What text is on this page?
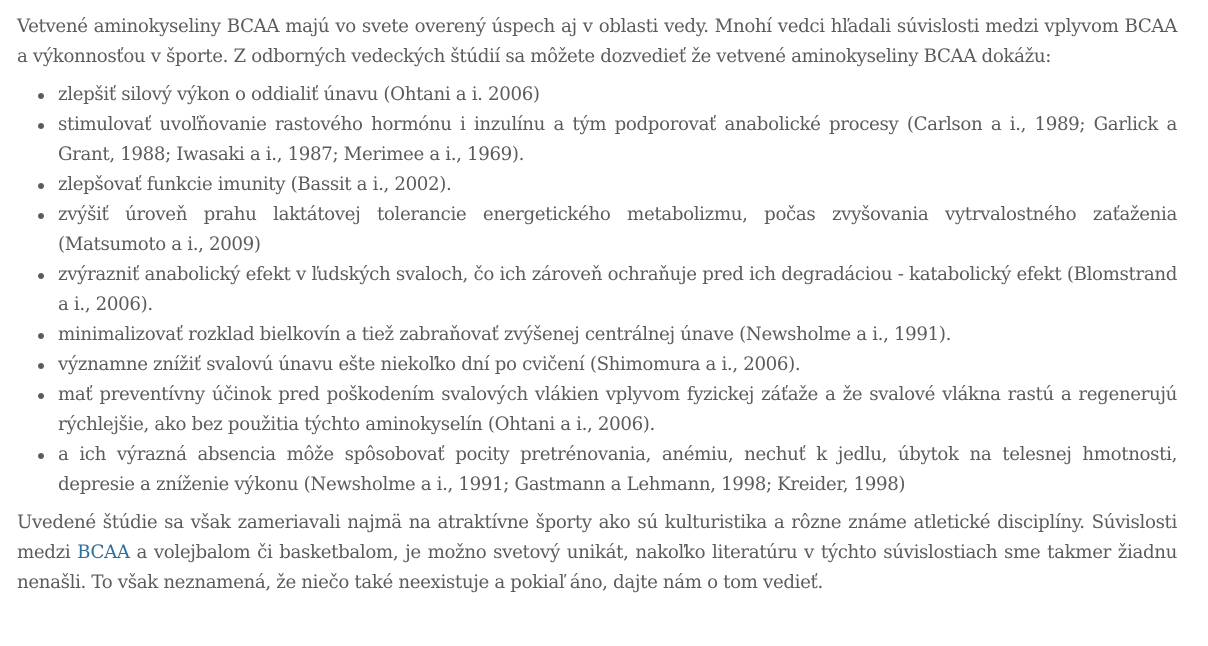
Vetvené aminokyseliny BCAA majú vo svete overený úspech aj v oblasti vedy. Mnohí vedci hľadali súvislosti medzi vplyvom BCAA a výkonnosťou v športe. Z odborných vedeckých štúdií sa môžete dozvedieť že vetvené aminokyseliny BCAA dokážu:

zlepšiť silový výkon o oddialiť únavu (Ohtani a i. 2006)
stimulovať uvoľňovanie rastového hormónu i inzulínu a tým podporovať anabolické procesy (Carlson a i., 1989; Garlick a Grant, 1988; Iwasaki a i., 1987; Merimee a i., 1969).
zlepšovať funkcie imunity (Bassit a i., 2002).
zvýšiť úroveň prahu laktátovej tolerancie energetického metabolizmu, počas zvyšovania vytrvalostného zaťaženia (Matsumoto a i., 2009)
zvýrazniť anabolický efekt v ľudských svaloch, čo ich zároveň ochraňuje pred ich degradáciou - katabolický efekt (Blomstrand a i., 2006).
minimalizovať rozklad bielkovín a tiež zabraňovať zvýšenej centrálnej únave (Newsholme a i., 1991).
významne znížiť svalovú únavu ešte niekoľko dní po cvičení (Shimomura a i., 2006).
mať preventívny účinok pred poškodením svalových vlákien vplyvom fyzickej záťaže a že svalové vlákna rastú a regenerujú rýchlejšie, ako bez použitia týchto aminokyselín (Ohtani a i., 2006).
a ich výrazná absencia môže spôsobovať pocity pretrénovania, anémiu, nechuť k jedlu, úbytok na telesnej hmotnosti, depresie a zníženie výkonu (Newsholme a i., 1991; Gastmann a Lehmann, 1998; Kreider, 1998)

Uvedené štúdie sa však zameriavali najmä na atraktívne športy ako sú kulturistika a rôzne známe atletické disciplíny. Súvislosti medzi BCAA a volejbalom či basketbalom, je možno svetový unikát, nakoľko literatúru v týchto súvislostiach sme takmer žiadnu nenašli. To však neznamená, že niečo také neexistuje a pokiaľ áno, dajte nám o tom vedieť.
